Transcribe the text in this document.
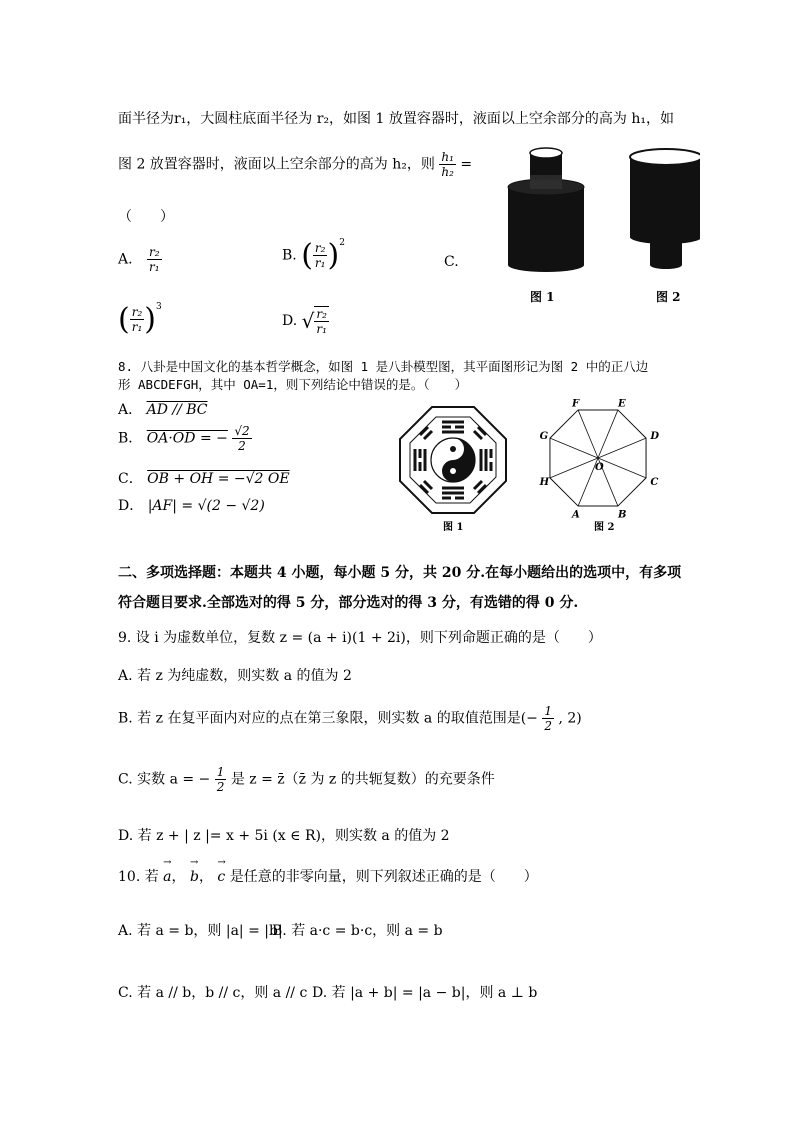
面半径为r₁，大圆柱底面半径为 r₂，如图 1 放置容器时，液面以上空余部分的高为 h₁，如
图 2 放置容器时，液面以上空余部分的高为 h₂，则 $\frac{\text{h₁}}{\text{h₂}}$ =
（　　）
A. $\frac{\text{r₂}}{\text{r₁}}$	B. ( $\frac{\text{r₂}}{\text{r₁}} )^2$
C.
( $\frac{\text{r₂}}{\text{r₁}} )^3$
D. √ $\frac{\text{r₂}}{\text{r₁}}$
图 1	图 2
8. 八卦是中国文化的基本哲学概念，如图 1 是八卦模型图，其平面图形记为图 2 中的正八边
形 ABCDEFGH，其中 OA=1，则下列结论中错误的是。（　　）
A． AD // BC
B． OA·OD = − $\frac{√2}{2}$
C． OB + OH = −√2 OE
D． |AF| = √(2 − √2)
图 1
A	B
C
D
E
F
G
H
O
图 2
二、多项选择题：本题共 4 小题，每小题 5 分，共 20 分.在每小题给出的选项中，有多项
符合题目要求.全部选对的得 5 分，部分选对的得 3 分，有选错的得 0 分.
9. 设 i 为虚数单位，复数 z = (a + i)(1 + 2i)，则下列命题正确的是（　　）
A. 若 z 为纯虚数，则实数 a 的值为 2
B. 若 z 在复平面内对应的点在第三象限，则实数 a 的取值范围是(− $\frac{1}{2}$ , 2)
C. 实数 a = − $\frac{1}{2}$ 是 z = z̄（z̄ 为 z 的共轭复数）的充要条件
D. 若 z + | z |= x + 5i (x ∈ R)，则实数 a 的值为 2
10. 若 → a， → b， → c 是任意的非零向量，则下列叙述正确的是（　　）
A. 若 a = b，则 |a| = |b|
B. 若 a·c = b·c，则 a = b
C. 若 a // b，b // c，则 a // c D. 若 |a + b| = |a − b|，则 a ⊥ b
